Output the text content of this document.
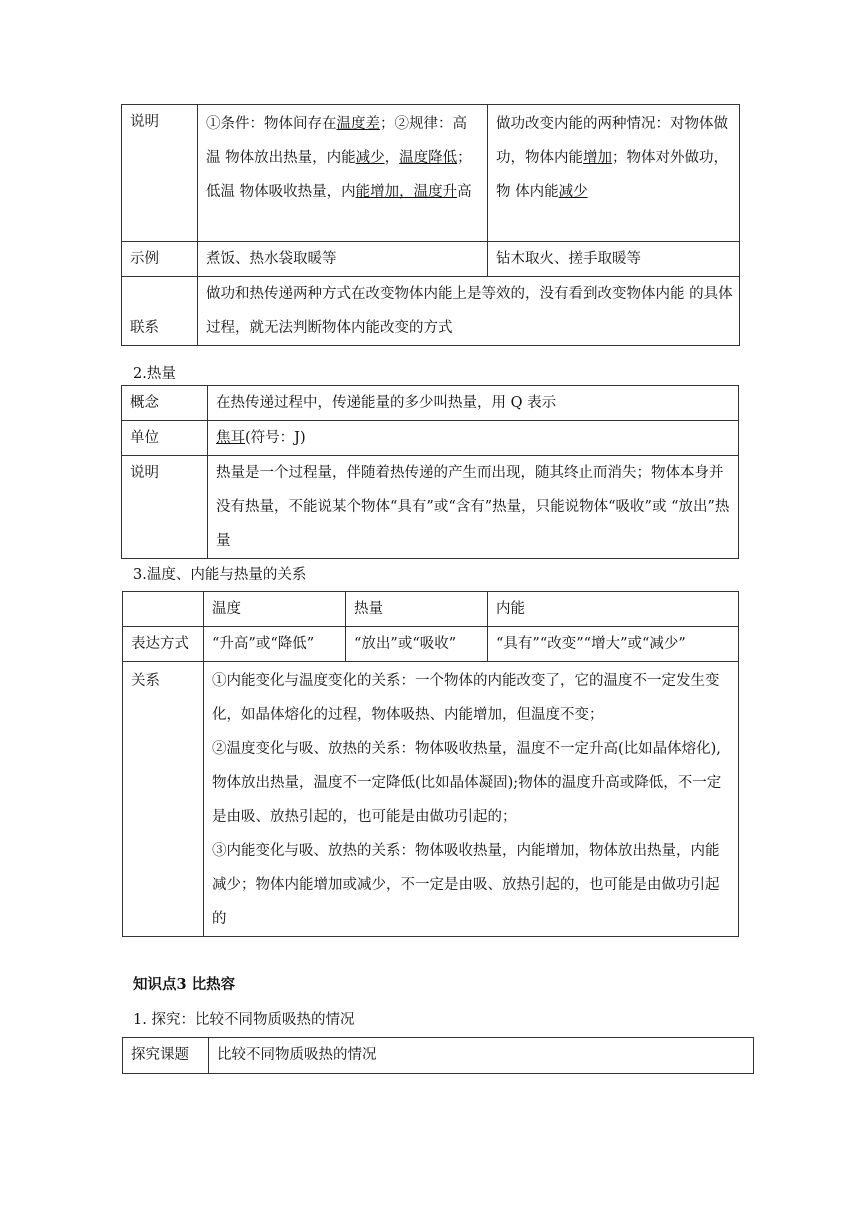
说明	①条件：物体间存在温度差；②规律：高温 物体放出热量，内能减少，温度降低；低温 物体吸收热量，内能增加，温度升高	做功改变内能的两种情况：对物体做 功，物体内能增加；物体对外做功，物 体内能减少
示例	煮饭、热水袋取暖等	钻木取火、搓手取暖等
联系	做功和热传递两种方式在改变物体内能上是等效的，没有看到改变物体内能 的具体过程，就无法判断物体内能改变的方式	
2.热量
概念	在热传递过程中，传递能量的多少叫热量，用 Q 表示
单位	焦耳(符号：J)
说明	热量是一个过程量，伴随着热传递的产生而出现，随其终止而消失；物体本身并没有热量，不能说某个物体“具有”或“含有”热量，只能说物体“吸收”或 “放出”热量
3.温度、内能与热量的关系
	温度	热量	内能
表达方式	“升高”或“降低”	“放出”或“吸收”	“具有”“改变”“增大”或“减少”
关系	①内能变化与温度变化的关系：一个物体的内能改变了，它的温度不一定发生变化，如晶体熔化的过程，物体吸热、内能增加，但温度不变；
②温度变化与吸、放热的关系：物体吸收热量，温度不一定升高(比如晶体熔化),物体放出热量，温度不一定降低(比如晶体凝固);物体的温度升高或降低，不一定是由吸、放热引起的，也可能是由做功引起的；
③内能变化与吸、放热的关系：物体吸收热量，内能增加，物体放出热量，内能减少；物体内能增加或减少，不一定是由吸、放热引起的，也可能是由做功引起的		
知识点3 比热容
1. 探究：比较不同物质吸热的情况
探究课题	比较不同物质吸热的情况
